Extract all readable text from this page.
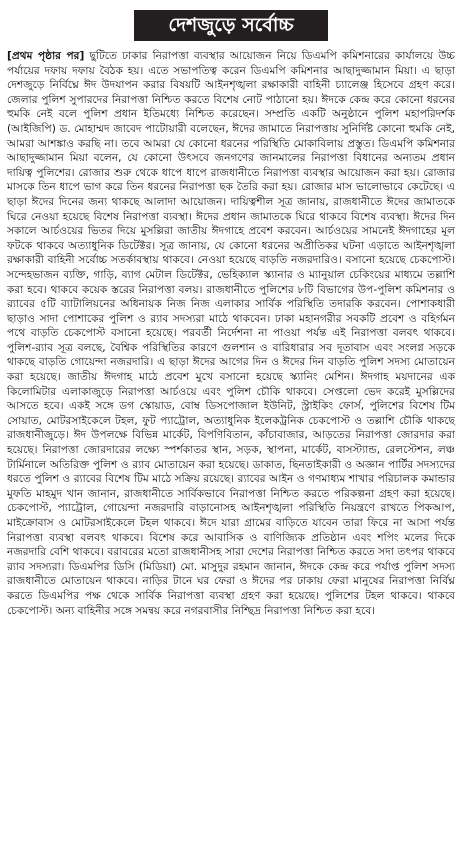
দেশজুড়ে সর্বোচ্চ

[প্রথম পৃষ্ঠার পর] ছুটিতে ঢাকার নিরাপত্তা ব্যবস্থার আয়োজন নিয়ে ডিএমপি কমিশনারের কার্যালয়ে উচ্চ পর্যায়ের দফায় দফায় বৈঠক হয়। এতে সভাপতিত্ব করেন ডিএমপি কমিশনার আছাদুজ্জামান মিয়া। এ ছাড়া দেশজুড়ে নির্বিঘ্নে ঈদ উদযাপন করার বিষয়টি আইনশৃঙ্খলা রক্ষাকারী বাহিনী চ্যালেঞ্জ হিসেবে গ্রহণ করে। জেলার পুলিশ সুপারদের নিরাপত্তা নিশ্চিত করতে বিশেষ নোট পাঠানো হয়। ঈদকে কেন্দ্র করে কোনো ধরনের হুমকি নেই বলে পুলিশ প্রধান ইতিমধ্যে নিশ্চিত করেছেন। সম্প্রতি একটি অনুষ্ঠানে পুলিশ মহাপরিদর্শক (আইজিপি) ড. মোহাম্মদ জাবেদ পাটোয়ারী বলেছেন, ঈদের জামাতে নিরাপত্তায় সুনির্দিষ্ট কোনো হুমকি নেই, আমরা আশঙ্কাও করছি না। তবে আমরা যে কোনো ধরনের পরিস্থিতি মোকাবিলায় প্রস্তুত। ডিএমপি কমিশনার আছাদুজ্জামান মিয়া বলেন, যে কোনো উৎসবে জনগণের জানমালের নিরাপত্তা বিধানের অন্যতম প্রধান দায়িত্ব পুলিশের। রোজার শুরু থেকে ধাপে ধাপে রাজধানীতে নিরাপত্তা ব্যবস্থার আয়োজন করা হয়। রোজার মাসকে তিন ধাপে ভাগ করে তিন ধরনের নিরাপত্তা ছক তৈরি করা হয়। রোজার মাস ভালোভাবে কেটেছে। এ ছাড়া ঈদের দিনের জন্য থাকছে আলাদা আয়োজন। দায়িত্বশীল সূত্র জানায়, রাজধানীতে ঈদের জামাতকে ঘিরে নেওয়া হয়েছে বিশেষ নিরাপত্তা ব্যবস্থা। ঈদের প্রধান জামাতকে ঘিরে থাকবে বিশেষ ব্যবস্থা। ঈদের দিন সকালে আর্চওয়ের ভিতর দিয়ে মুসল্লিরা জাতীয় ঈদগাহে প্রবেশ করবেন। আর্চওয়ের সামনেই ঈদগাহের মূল ফটকে থাকবে অত্যাধুনিক ডিটেক্টর। সূত্র জানায়, যে কোনো ধরনের অপ্রীতিকর ঘটনা এড়াতে আইনশৃঙ্খলা রক্ষাকারী বাহিনী সর্বোচ্চ সতর্কাবস্থায় থাকবে। নেওয়া হয়েছে বাড়তি নজরদারিও। বসানো হয়েছে চেকপোস্ট। সন্দেহভাজন ব্যক্তি, গাড়ি, ব্যাগ মেটাল ডিটেক্টর, ভেহিক্যাল স্ক্যানার ও ম্যানুয়াল চেকিংয়ের মাধ্যমে তল্লাশি করা হবে। থাকবে কয়েক স্তরের নিরাপত্তা বলয়। রাজধানীতে পুলিশের ৮টি বিভাগের উপ-পুলিশ কমিশনার ও র‌্যাবের ৫টি ব্যাটালিয়নের অধিনায়ক নিজ নিজ এলাকার সার্বিক পরিস্থিতি তদারকি করবেন। পোশাকধারী ছাড়াও সাদা পোশাকের পুলিশ ও র‌্যাব সদস্যরা মাঠে থাকবেন। ঢাকা মহানগরীর সবকটি প্রবেশ ও বহির্গমন পথে বাড়তি চেকপোস্ট বসানো হয়েছে। পরবর্তী নির্দেশনা না পাওয়া পর্যন্ত এই নিরাপত্তা বলবৎ থাকবে। পুলিশ-র‌্যাব সূত্র বলছে, বৈশ্বিক পরিস্থিতির কারণে গুলশান ও বারিধারার সব দূতাবাস এবং সংলগ্ন সড়কে থাকছে বাড়তি গোয়েন্দা নজরদারি। এ ছাড়া ঈদের আগের দিন ও ঈদের দিন বাড়তি পুলিশ সদস্য মোতায়েন করা হয়েছে। জাতীয় ঈদগাহ মাঠে প্রবেশ মুখে বসানো হয়েছে স্ক্যানিং মেশিন। ঈদগাহ ময়দানের এক কিলোমিটার এলাকাজুড়ে নিরাপত্তা আর্চওয়ে এবং পুলিশ চৌকি থাকবে। সেপ্তলো ভেদ করেই মুসল্লিদের আসতে হবে। একই সঙ্গে ডগ স্কোয়াড, বোম্ব ডিসপোজাল ইউনিট, স্ট্রাইকিং ফোর্স, পুলিশের বিশেষ টিম সোয়াত, মোটরসাইকেলে টহল, ফুট প্যাট্রোল, অত্যাধুনিক ইলেকট্রনিক চেকপোস্ট ও তল্লাশি চৌকি থাকছে রাজধানীজুড়ে। ঈদ উপলক্ষে বিভিন্ন মার্কেট, বিপণিবিতান, কাঁচাবাজার, আড়তের নিরাপত্তা জোরদার করা হয়েছে। নিরাপত্তা জোরদারের লক্ষ্যে স্পর্শকাতর স্থান, সড়ক, স্থাপনা, মার্কেট, বাসস্ট্যান্ড, রেলস্টেশন, লঞ্চ টার্মিনালে অতিরিক্ত পুলিশ ও র‌্যাব মোতায়েন করা হয়েছে। ডাকাত, ছিনতাইকারী ও অজ্ঞান পার্টির সদস্যদের ধরতে পুলিশ ও র‌্যাবের বিশেষ টিম মাঠে সক্রিয় রয়েছে। র‌্যাবের আইন ও গণমাধ্যম শাখার পরিচালক কমান্ডার মুফতি মাহমুদ খান জানান, রাজধানীতে সার্বিকভাবে নিরাপত্তা নিশ্চিত করতে পরিকল্পনা গ্রহণ করা হয়েছে। চেকপোস্ট, প্যাট্রোল, গোয়েন্দা নজরদারি বাড়ানোসহ আইনশৃঙ্খলা পরিস্থিতি নিয়ন্ত্রণে রাখতে পিকআপ, মাইক্রোবাস ও মোটরসাইকেলে টহল থাকবে। ঈদে যারা গ্রামের বাড়িতে যাবেন তারা ফিরে না আসা পর্যন্ত নিরাপত্তা ব্যবস্থা বলবৎ থাকবে। বিশেষ করে আবাসিক ও বাণিজ্যিক প্রতিষ্ঠান এবং শপিং মলের দিকে নজরদারি বেশি থাকবে। বরাবরের মতো রাজধানীসহ সারা দেশের নিরাপত্তা নিশ্চিত করতে সদা তৎপর থাকবে র‌্যাব সদস্যরা। ডিএমপির ডিসি (মিডিয়া) মো. মাসুদুর রহমান জানান, ঈদকে কেন্দ্র করে পর্যাপ্ত পুলিশ সদস্য রাজধানীতে মোতায়েন থাকবে। নাড়ির টানে ঘর ফেরা ও ঈদের পর ঢাকায় ফেরা মানুষের নিরাপত্তা নির্বিঘ্ন করতে ডিএমপির পক্ষ থেকে সার্বিক নিরাপত্তা ব্যবস্থা গ্রহণ করা হয়েছে। পুলিশের টহল থাকবে। থাকবে চেকপোস্ট। অন্য বাহিনীর সঙ্গে সমন্বয় করে নগরবাসীর নিশ্ছিদ্র নিরাপত্তা নিশ্চিত করা হবে।
